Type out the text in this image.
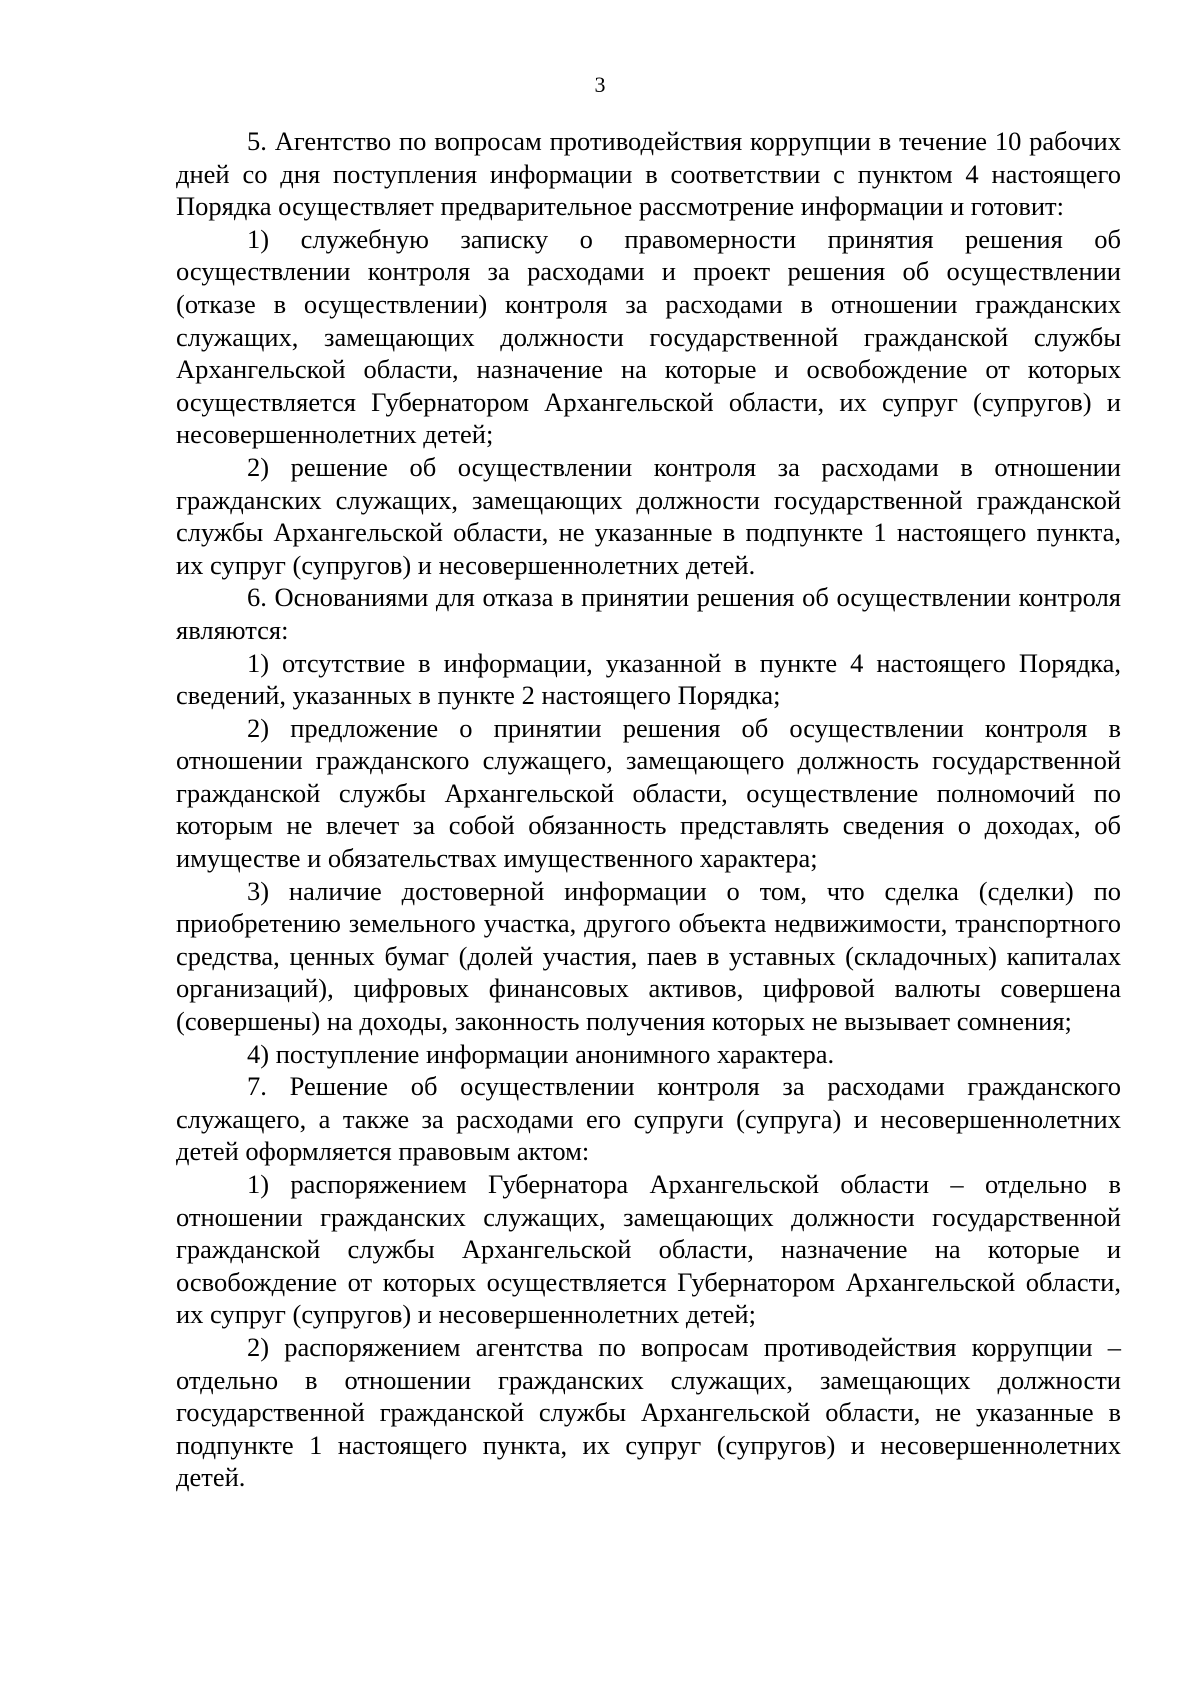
3

5. Агентство по вопросам противодействия коррупции в течение 10 рабочих дней со дня поступления информации в соответствии с пунктом 4 настоящего Порядка осуществляет предварительное рассмотрение информации и готовит:

1) служебную записку о правомерности принятия решения об осуществлении контроля за расходами и проект решения об осуществлении (отказе в осуществлении) контроля за расходами в отношении гражданских служащих, замещающих должности государственной гражданской службы Архангельской области, назначение на которые и освобождение от которых осуществляется Губернатором Архангельской области, их супруг (супругов) и несовершеннолетних детей;

2) решение об осуществлении контроля за расходами в отношении гражданских служащих, замещающих должности государственной гражданской службы Архангельской области, не указанные в подпункте 1 настоящего пункта, их супруг (супругов) и несовершеннолетних детей.

6. Основаниями для отказа в принятии решения об осуществлении контроля являются:

1) отсутствие в информации, указанной в пункте 4 настоящего Порядка, сведений, указанных в пункте 2 настоящего Порядка;

2) предложение о принятии решения об осуществлении контроля в отношении гражданского служащего, замещающего должность государственной гражданской службы Архангельской области, осуществление полномочий по которым не влечет за собой обязанность представлять сведения о доходах, об имуществе и обязательствах имущественного характера;

3) наличие достоверной информации о том, что сделка (сделки) по приобретению земельного участка, другого объекта недвижимости, транспортного средства, ценных бумаг (долей участия, паев в уставных (складочных) капиталах организаций), цифровых финансовых активов, цифровой валюты совершена (совершены) на доходы, законность получения которых не вызывает сомнения;

4) поступление информации анонимного характера.

7. Решение об осуществлении контроля за расходами гражданского служащего, а также за расходами его супруги (супруга) и несовершеннолетних детей оформляется правовым актом:

1) распоряжением Губернатора Архангельской области – отдельно в отношении гражданских служащих, замещающих должности государственной гражданской службы Архангельской области, назначение на которые и освобождение от которых осуществляется Губернатором Архангельской области, их супруг (супругов) и несовершеннолетних детей;

2) распоряжением агентства по вопросам противодействия коррупции – отдельно в отношении гражданских служащих, замещающих должности государственной гражданской службы Архангельской области, не указанные в подпункте 1 настоящего пункта, их супруг (супругов) и несовершеннолетних детей.
